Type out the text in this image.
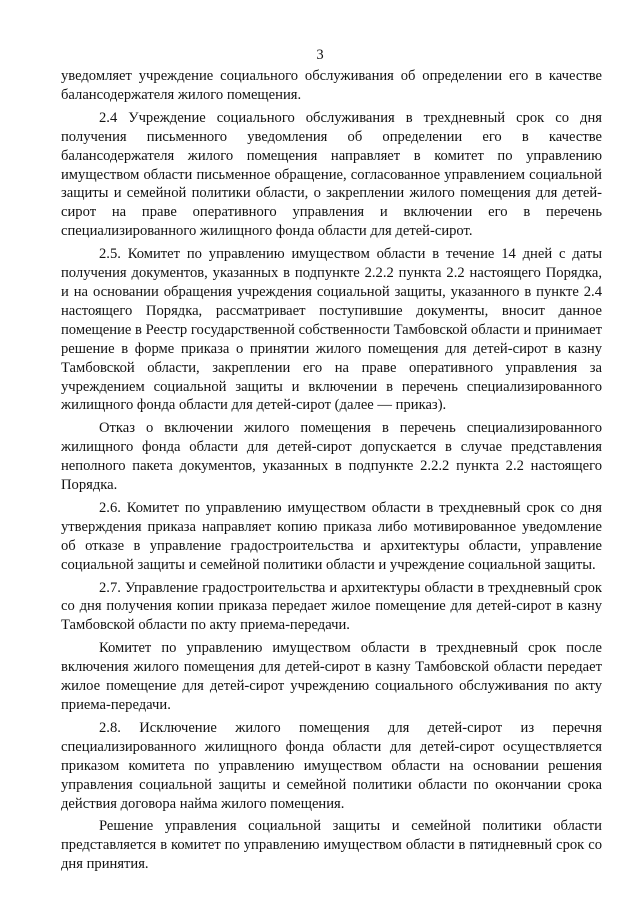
3

уведомляет учреждение социального обслуживания об определении его в качестве балансодержателя жилого помещения.

2.4 Учреждение социального обслуживания в трехдневный срок со дня получения письменного уведомления об определении его в качестве балансодержателя жилого помещения направляет в комитет по управлению имуществом области письменное обращение, согласованное управлением социальной защиты и семейной политики области, о закреплении жилого помещения для детей-сирот на праве оперативного управления и включении его в перечень специализированного жилищного фонда области для детей-сирот.

2.5. Комитет по управлению имуществом области в течение 14 дней с даты получения документов, указанных в подпункте 2.2.2 пункта 2.2 настоящего Порядка, и на основании обращения учреждения социальной защиты, указанного в пункте 2.4 настоящего Порядка, рассматривает поступившие документы, вносит данное помещение в Реестр государственной собственности Тамбовской области и принимает решение в форме приказа о принятии жилого помещения для детей-сирот в казну Тамбовской области, закреплении его на праве оперативного управления за учреждением социальной защиты и включении в перечень специализированного жилищного фонда области для детей-сирот (далее — приказ).

Отказ о включении жилого помещения в перечень специализированного жилищного фонда области для детей-сирот допускается в случае представления неполного пакета документов, указанных в подпункте 2.2.2 пункта 2.2 настоящего Порядка.

2.6. Комитет по управлению имуществом области в трехдневный срок со дня утверждения приказа направляет копию приказа либо мотивированное уведомление об отказе в управление градостроительства и архитектуры области, управление социальной защиты и семейной политики области и учреждение социальной защиты.

2.7. Управление градостроительства и архитектуры области в трехдневный срок со дня получения копии приказа передает жилое помещение для детей-сирот в казну Тамбовской области по акту приема-передачи.

Комитет по управлению имуществом области в трехдневный срок после включения жилого помещения для детей-сирот в казну Тамбовской области передает жилое помещение для детей-сирот учреждению социального обслуживания по акту приема-передачи.

2.8. Исключение жилого помещения для детей-сирот из перечня специализированного жилищного фонда области для детей-сирот осуществляется приказом комитета по управлению имуществом области на основании решения управления социальной защиты и семейной политики области по окончании срока действия договора найма жилого помещения.

Решение управления социальной защиты и семейной политики области представляется в комитет по управлению имуществом области в пятидневный срок со дня принятия.
